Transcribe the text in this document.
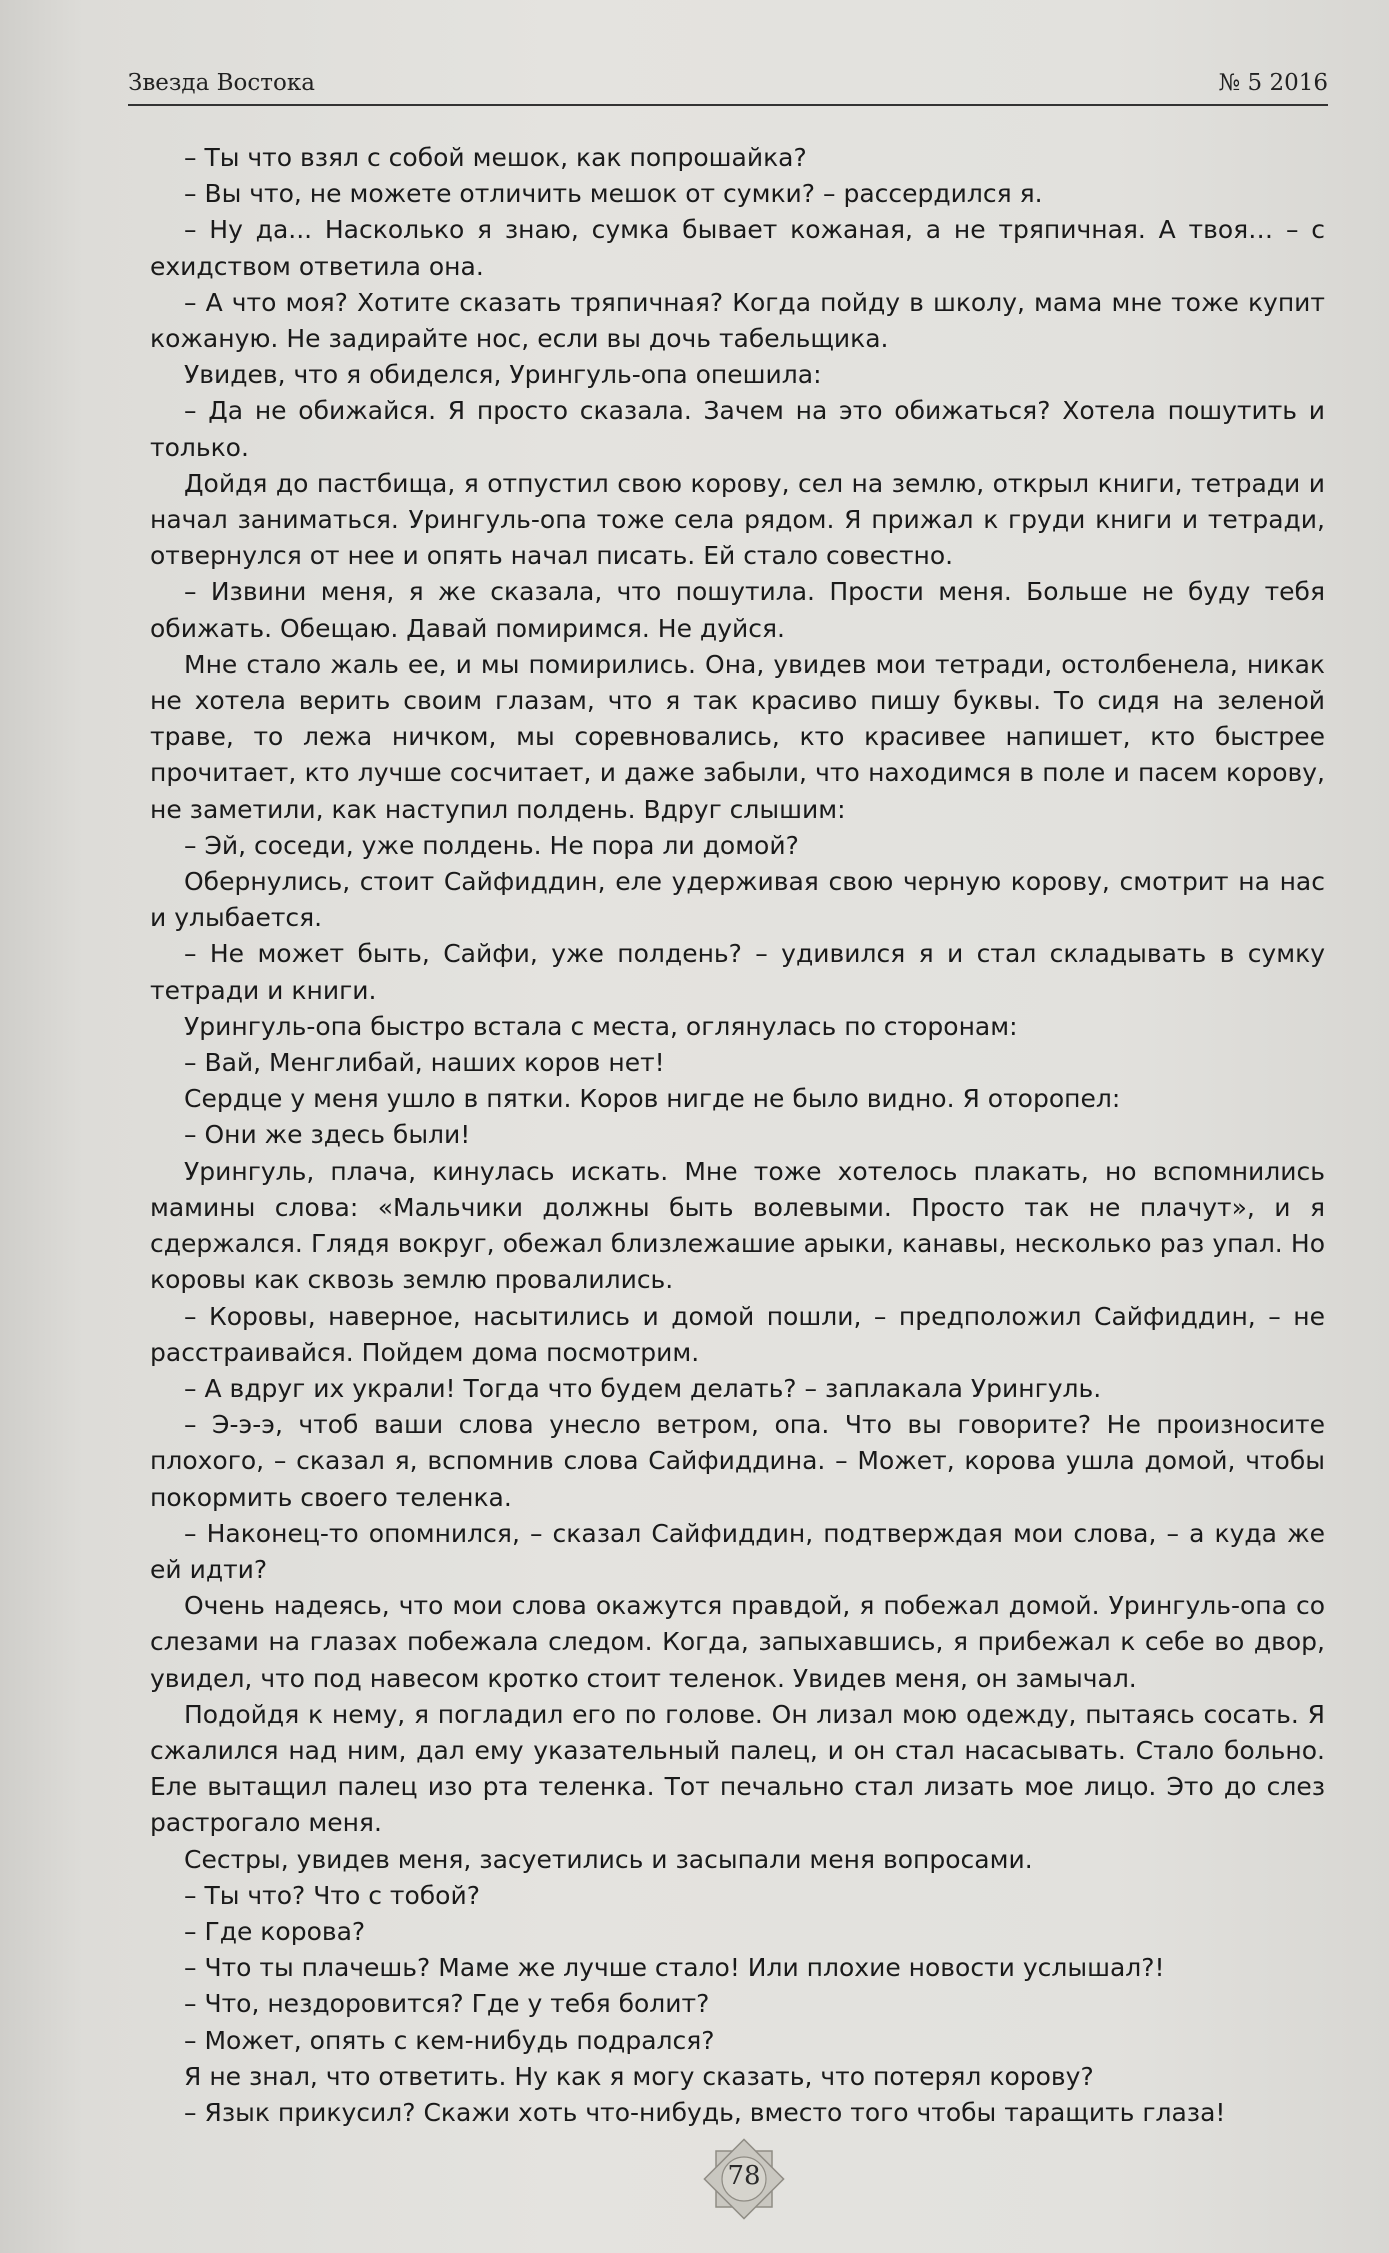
Звезда Востока	№ 5 2016

– Ты что взял с собой мешок, как попрошайка?

– Вы что, не можете отличить мешок от сумки? – рассердился я.

– Ну да... Насколько я знаю, сумка бывает кожаная, а не тряпичная. А твоя… – с ехидством ответила она.

– А что моя? Хотите сказать тряпичная? Когда пойду в школу, мама мне тоже купит кожаную. Не задирайте нос, если вы дочь табельщика.

Увидев, что я обиделся, Урингуль-опа опешила:

– Да не обижайся. Я просто сказала. Зачем на это обижаться? Хотела пошутить и только.

Дойдя до пастбища, я отпустил свою корову, сел на землю, открыл книги, тетради и начал заниматься. Урингуль-опа тоже села рядом. Я прижал к груди книги и тетради, отвернулся от нее и опять начал писать. Ей стало совестно.

– Извини меня, я же сказала, что пошутила. Прости меня. Больше не буду тебя обижать. Обещаю. Давай помиримся. Не дуйся.

Мне стало жаль ее, и мы помирились. Она, увидев мои тетради, остолбенела, никак не хотела верить своим глазам, что я так красиво пишу буквы. То сидя на зеленой траве, то лежа ничком, мы соревновались, кто красивее напишет, кто быстрее прочитает, кто лучше сосчитает, и даже забыли, что находимся в поле и пасем корову, не заметили, как наступил полдень. Вдруг слышим:

– Эй, соседи, уже полдень. Не пора ли домой?

Обернулись, стоит Сайфиддин, еле удерживая свою черную корову, смотрит на нас и улыбается.

– Не может быть, Сайфи, уже полдень? – удивился я и стал складывать в сумку тетради и книги.

Урингуль-опа быстро встала с места, оглянулась по сторонам:

– Вай, Менглибай, наших коров нет!

Сердце у меня ушло в пятки. Коров нигде не было видно. Я оторопел:

– Они же здесь были!

Урингуль, плача, кинулась искать. Мне тоже хотелось плакать, но вспомнились мамины слова: «Мальчики должны быть волевыми. Просто так не плачут», и я сдержался. Глядя вокруг, обежал близлежашие арыки, канавы, несколько раз упал. Но коровы как сквозь землю провалились.

– Коровы, наверное, насытились и домой пошли, – предположил Сайфиддин, – не расстраивайся. Пойдем дома посмотрим.

– А вдруг их украли! Тогда что будем делать? – заплакала Урингуль.

– Э-э-э, чтоб ваши слова унесло ветром, опа. Что вы говорите? Не произносите плохого, – сказал я, вспомнив слова Сайфиддина. – Может, корова ушла домой, чтобы покормить своего теленка.

– Наконец-то опомнился, – сказал Сайфиддин, подтверждая мои слова, – а куда же ей идти?

Очень надеясь, что мои слова окажутся правдой, я побежал домой. Урингуль-опа со слезами на глазах побежала следом. Когда, запыхавшись, я прибежал к себе во двор, увидел, что под навесом кротко стоит теленок. Увидев меня, он замычал.

Подойдя к нему, я погладил его по голове. Он лизал мою одежду, пытаясь сосать. Я сжалился над ним, дал ему указательный палец, и он стал насасывать. Стало больно. Еле вытащил палец изо рта теленка. Тот печально стал лизать мое лицо. Это до слез растрогало меня.

Сестры, увидев меня, засуетились и засыпали меня вопросами.

– Ты что? Что с тобой?

– Где корова?

– Что ты плачешь? Маме же лучше стало! Или плохие новости услышал?!

– Что, нездоровится? Где у тебя болит?

– Может, опять с кем-нибудь подрался?

Я не знал, что ответить. Ну как я могу сказать, что потерял корову?

– Язык прикусил? Скажи хоть что-нибудь, вместо того чтобы таращить глаза!

78
